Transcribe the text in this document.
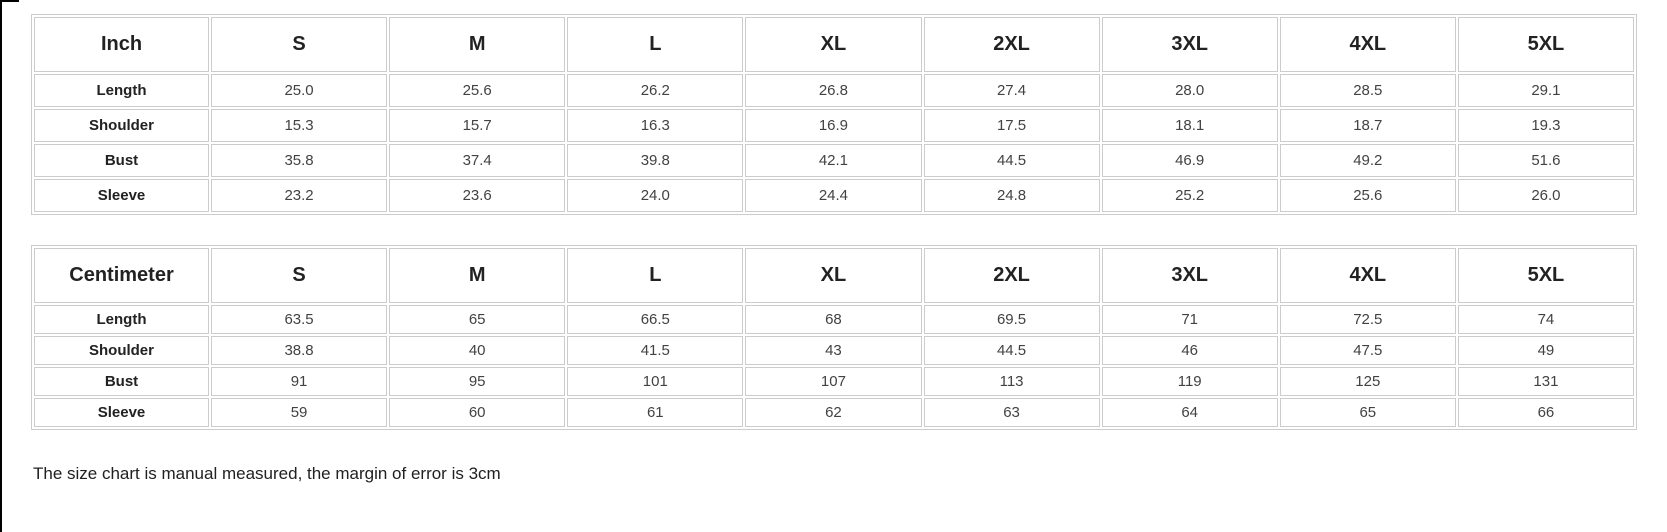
Inch	S	M	L	XL	2XL	3XL	4XL	5XL
Length	25.0	25.6	26.2	26.8	27.4	28.0	28.5	29.1
Shoulder	15.3	15.7	16.3	16.9	17.5	18.1	18.7	19.3
Bust	35.8	37.4	39.8	42.1	44.5	46.9	49.2	51.6
Sleeve	23.2	23.6	24.0	24.4	24.8	25.2	25.6	26.0
Centimeter	S	M	L	XL	2XL	3XL	4XL	5XL
Length	63.5	65	66.5	68	69.5	71	72.5	74
Shoulder	38.8	40	41.5	43	44.5	46	47.5	49
Bust	91	95	101	107	113	119	125	131
Sleeve	59	60	61	62	63	64	65	66

The size chart is manual measured, the margin of error is 3cm
